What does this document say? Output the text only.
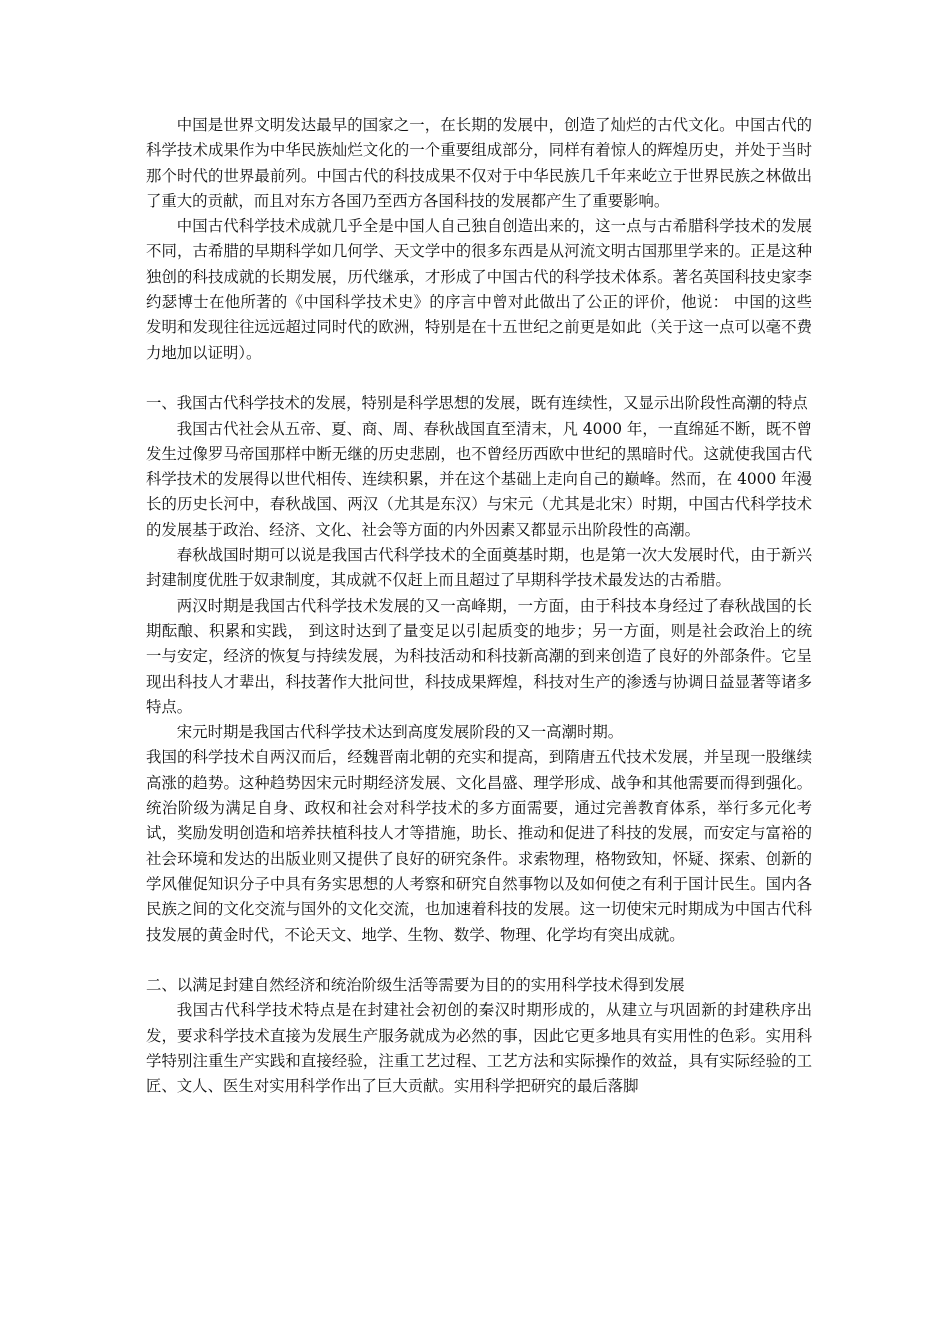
中国是世界文明发达最早的国家之一，在长期的发展中，创造了灿烂的古代文化。中国古代的科学技术成果作为中华民族灿烂文化的一个重要组成部分，同样有着惊人的辉煌历史，并处于当时那个时代的世界最前列。中国古代的科技成果不仅对于中华民族几千年来屹立于世界民族之林做出了重大的贡献，而且对东方各国乃至西方各国科技的发展都产生了重要影响。

中国古代科学技术成就几乎全是中国人自己独自创造出来的，这一点与古希腊科学技术的发展不同，古希腊的早期科学如几何学、天文学中的很多东西是从河流文明古国那里学来的。正是这种独创的科技成就的长期发展，历代继承，才形成了中国古代的科学技术体系。著名英国科技史家李约瑟博士在他所著的《中国科学技术史》的序言中曾对此做出了公正的评价，他说： 中国的这些发明和发现往往远远超过同时代的欧洲，特别是在十五世纪之前更是如此（关于这一点可以毫不费力地加以证明）。

一、我国古代科学技术的发展，特别是科学思想的发展，既有连续性，又显示出阶段性高潮的特点

我国古代社会从五帝、夏、商、周、春秋战国直至清末，凡 4000 年，一直绵延不断，既不曾发生过像罗马帝国那样中断无继的历史悲剧，也不曾经历西欧中世纪的黑暗时代。这就使我国古代科学技术的发展得以世代相传、连续积累，并在这个基础上走向自己的巅峰。然而，在 4000 年漫长的历史长河中，春秋战国、两汉（尤其是东汉）与宋元（尤其是北宋）时期，中国古代科学技术的发展基于政治、经济、文化、社会等方面的内外因素又都显示出阶段性的高潮。

春秋战国时期可以说是我国古代科学技术的全面奠基时期，也是第一次大发展时代，由于新兴封建制度优胜于奴隶制度，其成就不仅赶上而且超过了早期科学技术最发达的古希腊。

两汉时期是我国古代科学技术发展的又一高峰期，一方面，由于科技本身经过了春秋战国的长期酝酿、积累和实践， 到这时达到了量变足以引起质变的地步；另一方面，则是社会政治上的统一与安定，经济的恢复与持续发展，为科技活动和科技新高潮的到来创造了良好的外部条件。它呈现出科技人才辈出，科技著作大批问世，科技成果辉煌，科技对生产的渗透与协调日益显著等诸多特点。

宋元时期是我国古代科学技术达到高度发展阶段的又一高潮时期。

我国的科学技术自两汉而后，经魏晋南北朝的充实和提高，到隋唐五代技术发展，并呈现一股继续高涨的趋势。这种趋势因宋元时期经济发展、文化昌盛、理学形成、战争和其他需要而得到强化。统治阶级为满足自身、政权和社会对科学技术的多方面需要，通过完善教育体系，举行多元化考试，奖励发明创造和培养扶植科技人才等措施，助长、推动和促进了科技的发展，而安定与富裕的社会环境和发达的出版业则又提供了良好的研究条件。求索物理，格物致知，怀疑、探索、创新的学风催促知识分子中具有务实思想的人考察和研究自然事物以及如何使之有利于国计民生。国内各民族之间的文化交流与国外的文化交流，也加速着科技的发展。这一切使宋元时期成为中国古代科技发展的黄金时代，不论天文、地学、生物、数学、物理、化学均有突出成就。

二、以满足封建自然经济和统治阶级生活等需要为目的的实用科学技术得到发展

我国古代科学技术特点是在封建社会初创的秦汉时期形成的，从建立与巩固新的封建秩序出发，要求科学技术直接为发展生产服务就成为必然的事，因此它更多地具有实用性的色彩。实用科学特别注重生产实践和直接经验，注重工艺过程、工艺方法和实际操作的效益，具有实际经验的工匠、文人、医生对实用科学作出了巨大贡献。实用科学把研究的最后落脚
